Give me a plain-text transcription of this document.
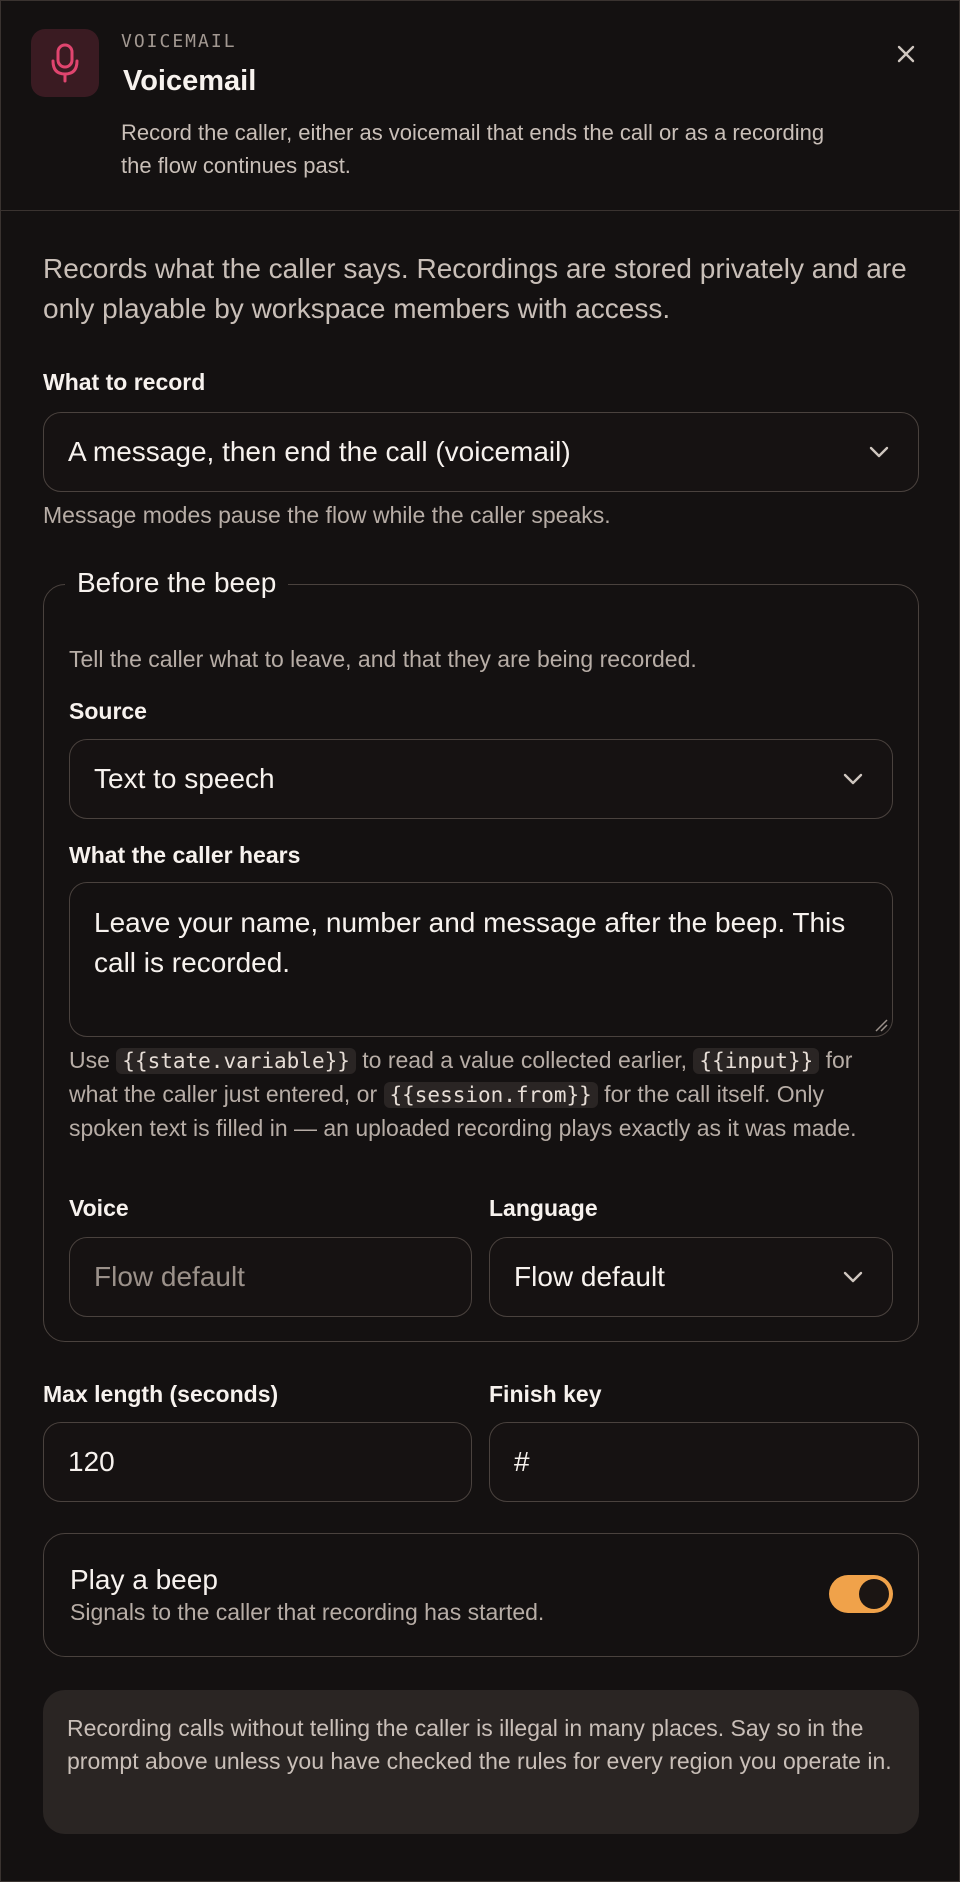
VOICEMAIL
Voicemail
Record the caller, either as voicemail that ends the call or as a recording the flow continues past.
Records what the caller says. Recordings are stored privately and are only playable by workspace members with access.
What to record
A message, then end the call (voicemail)
Message modes pause the flow while the caller speaks.
Before the beep
Tell the caller what to leave, and that they are being recorded.
Source
Text to speech
What the caller hears
Leave your name, number and message after the beep. This call is recorded.
Use {{state.variable}} to read a value collected earlier, {{input}} for what the caller just entered, or {{session.from}} for the call itself. Only spoken text is filled in — an uploaded recording plays exactly as it was made.
Voice
Flow default
Language
Flow default
Max length (seconds)
120
Finish key
#
Play a beep
Signals to the caller that recording has started.
Recording calls without telling the caller is illegal in many places. Say so in the prompt above unless you have checked the rules for every region you operate in.
